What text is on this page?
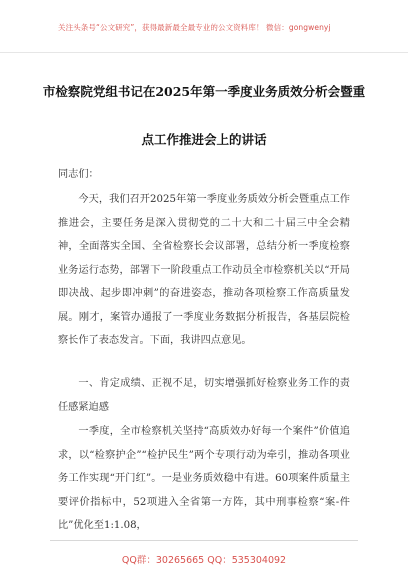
关注头条号“公文研究”，获得最新最全最专业的公文资料库！ 微信：gongwenyj
市检察院党组书记在2025年第一季度业务质效分析会暨重
点工作推进会上的讲话

同志们：

今天，我们召开2025年第一季度业务质效分析会暨重点工作推进会，主要任务是深入贯彻党的二十大和二十届三中全会精神，全面落实全国、全省检察长会议部署，总结分析一季度检察业务运行态势，部署下一阶段重点工作动员全市检察机关以“开局即决战、起步即冲刺”的奋进姿态，推动各项检察工作高质量发展。刚才，案管办通报了一季度业务数据分析报告，各基层院检察长作了表态发言。下面，我讲四点意见。

一、肯定成绩、正视不足，切实增强抓好检察业务工作的责任感紧迫感

一季度，全市检察机关坚持“高质效办好每一个案件”价值追求，以“检察护企”“检护民生”两个专项行动为牵引，推动各项业务工作实现“开门红”。一是业务质效稳中有进。60项案件质量主要评价指标中，52项进入全省第一方阵，其中刑事检察“案-件比”优化至1:1.08，

QQ群：30265665 QQ：535304092
